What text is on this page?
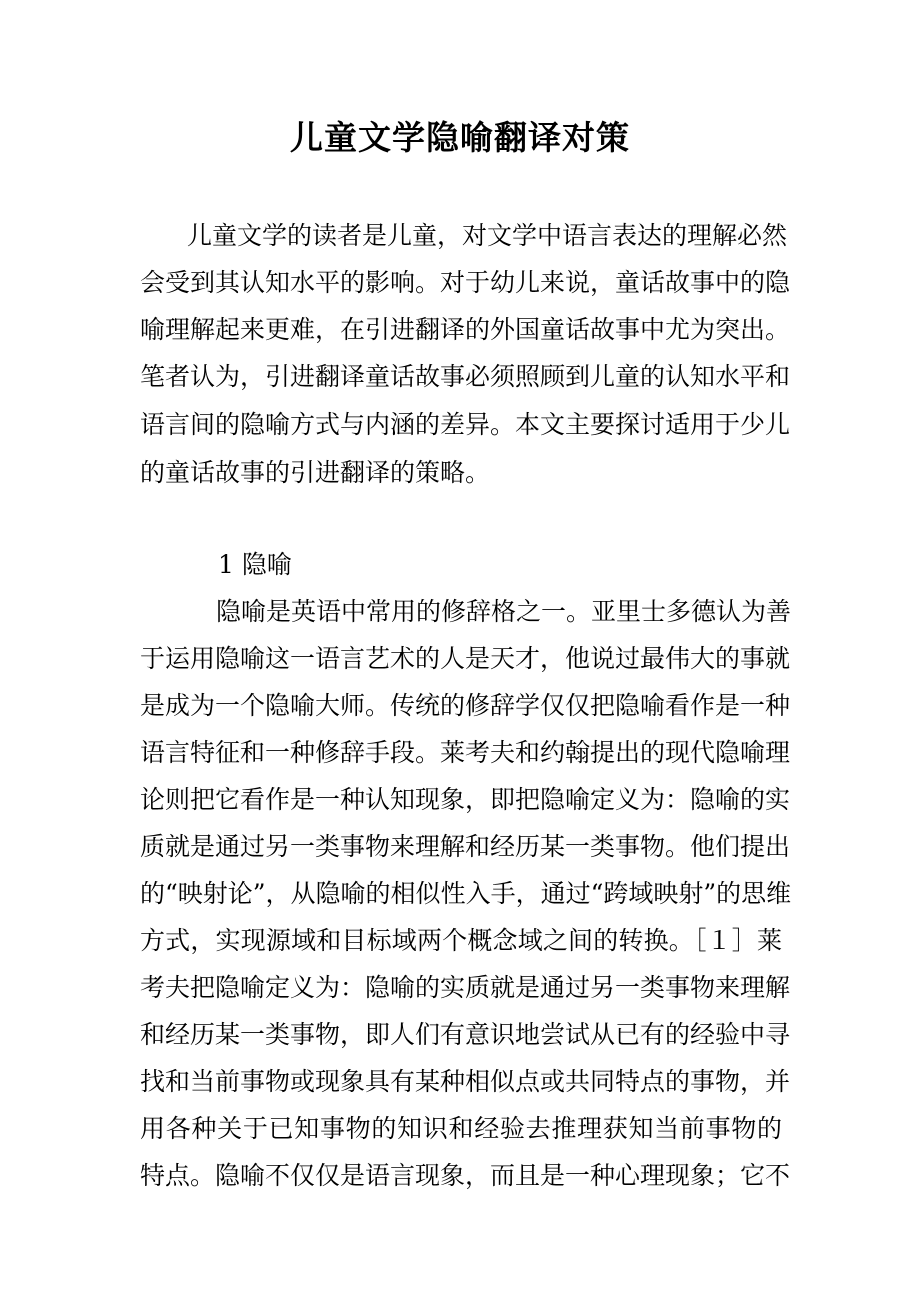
儿童文学隐喻翻译对策
儿童文学的读者是儿童，对文学中语言表达的理解必然
会受到其认知水平的影响。对于幼儿来说，童话故事中的隐
喻理解起来更难，在引进翻译的外国童话故事中尤为突出。
笔者认为，引进翻译童话故事必须照顾到儿童的认知水平和
语言间的隐喻方式与内涵的差异。本文主要探讨适用于少儿
的童话故事的引进翻译的策略。
1 隐喻
隐喻是英语中常用的修辞格之一。亚里士多德认为善
于运用隐喻这一语言艺术的人是天才，他说过最伟大的事就
是成为一个隐喻大师。传统的修辞学仅仅把隐喻看作是一种
语言特征和一种修辞手段。莱考夫和约翰提出的现代隐喻理
论则把它看作是一种认知现象，即把隐喻定义为：隐喻的实
质就是通过另一类事物来理解和经历某一类事物。他们提出
的“映射论”，从隐喻的相似性入手，通过“跨域映射”的思维
方式，实现源域和目标域两个概念域之间的转换。［１］莱
考夫把隐喻定义为：隐喻的实质就是通过另一类事物来理解
和经历某一类事物，即人们有意识地尝试从已有的经验中寻
找和当前事物或现象具有某种相似点或共同特点的事物，并
用各种关于已知事物的知识和经验去推理获知当前事物的
特点。隐喻不仅仅是语言现象，而且是一种心理现象；它不
